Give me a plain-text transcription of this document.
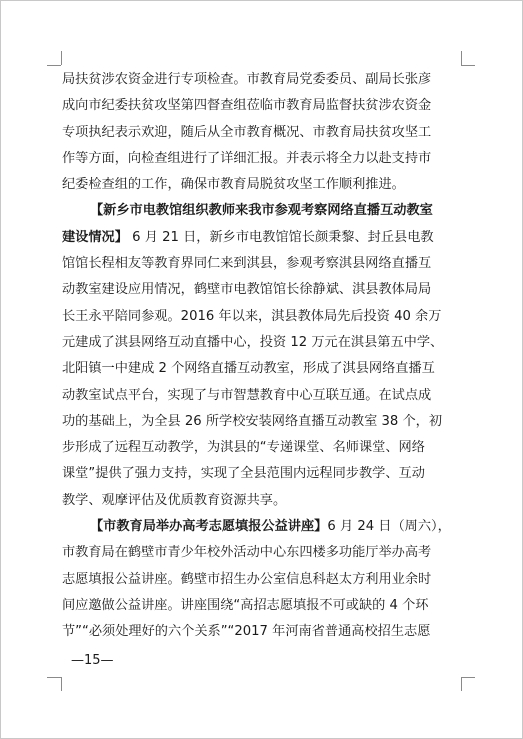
局扶贫涉农资金进行专项检查。市教育局党委委员、副局长张彦
成向市纪委扶贫攻坚第四督查组莅临市教育局监督扶贫涉农资金
专项执纪表示欢迎，随后从全市教育概况、市教育局扶贫攻坚工
作等方面，向检查组进行了详细汇报。并表示将全力以赴支持市
纪委检查组的工作，确保市教育局脱贫攻坚工作顺利推进。
【新乡市电教馆组织教师来我市参观考察网络直播互动教室
建设情况】 6 月 21 日，新乡市电教馆馆长颜秉黎、封丘县电教
馆馆长程相友等教育界同仁来到淇县，参观考察淇县网络直播互
动教室建设应用情况，鹤壁市电教馆馆长徐静斌、淇县教体局局
长王永平陪同参观。2016 年以来，淇县教体局先后投资 40 余万
元建成了淇县网络互动直播中心，投资 12 万元在淇县第五中学、
北阳镇一中建成 2 个网络直播互动教室，形成了淇县网络直播互
动教室试点平台，实现了与市智慧教育中心互联互通。在试点成
功的基础上，为全县 26 所学校安装网络直播互动教室 38 个，初
步形成了远程互动教学，为淇县的“专递课堂、名师课堂、网络
课堂”提供了强力支持，实现了全县范围内远程同步教学、互动
教学、观摩评估及优质教育资源共享。
【市教育局举办高考志愿填报公益讲座】6 月 24 日（周六），
市教育局在鹤壁市青少年校外活动中心东四楼多功能厅举办高考
志愿填报公益讲座。鹤壁市招生办公室信息科赵太方利用业余时
间应邀做公益讲座。讲座围绕“高招志愿填报不可或缺的 4 个环
节”“必须处理好的六个关系”“2017 年河南省普通高校招生志愿
—15—
